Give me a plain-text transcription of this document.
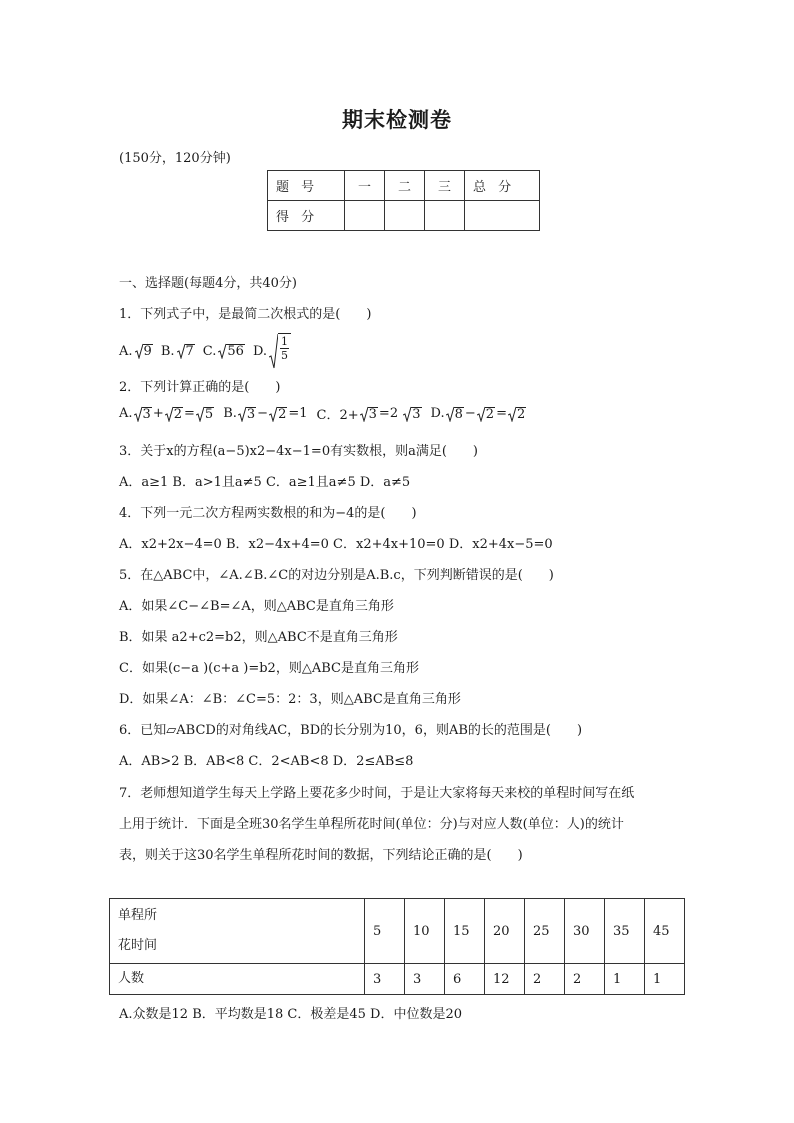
期末检测卷
(150分，120分钟)
题 号	一	二	三	总 分
得 分				
一、选择题(每题4分，共40分)
1．下列式子中，是最简二次根式的是(　　)
A. 9 B. 7 C. 56 D. $\frac{1}{5}$
2．下列计算正确的是(　　)
A. 3 + 2 = 5 B. 3 − 2 =1 C．2+ 3 =2 3 D. 8 − 2 = 2
3．关于x的方程(a−5)x2−4x−1=0有实数根，则a满足(　　)
A．a≥1 B．a>1且a≠5 C．a≥1且a≠5 D．a≠5
4．下列一元二次方程两实数根的和为−4的是(　　)
A．x2+2x−4=0 B．x2−4x+4=0 C．x2+4x+10=0 D．x2+4x−5=0
5．在△ABC中，∠A.∠B.∠C的对边分别是A.B.c，下列判断错误的是(　　)
A．如果∠C−∠B=∠A，则△ABC是直角三角形
B．如果 a2+c2=b2，则△ABC不是直角三角形
C．如果(c−a )(c+a )=b2，则△ABC是直角三角形
D．如果∠A：∠B：∠C=5：2：3，则△ABC是直角三角形
6．已知▱ABCD的对角线AC，BD的长分别为10，6，则AB的长的范围是(　　)
A．AB>2 B．AB<8 C．2<AB<8 D．2≤AB≤8
7．老师想知道学生每天上学路上要花多少时间，于是让大家将每天来校的单程时间写在纸
上用于统计．下面是全班30名学生单程所花时间(单位：分)与对应人数(单位：人)的统计
表，则关于这30名学生单程所花时间的数据，下列结论正确的是(　　)
单程所
花时间	5	10	15	20	25	30	35	45
人数	3	3	6	12	2	2	1	1
A.众数是12 B．平均数是18 C．极差是45 D．中位数是20
